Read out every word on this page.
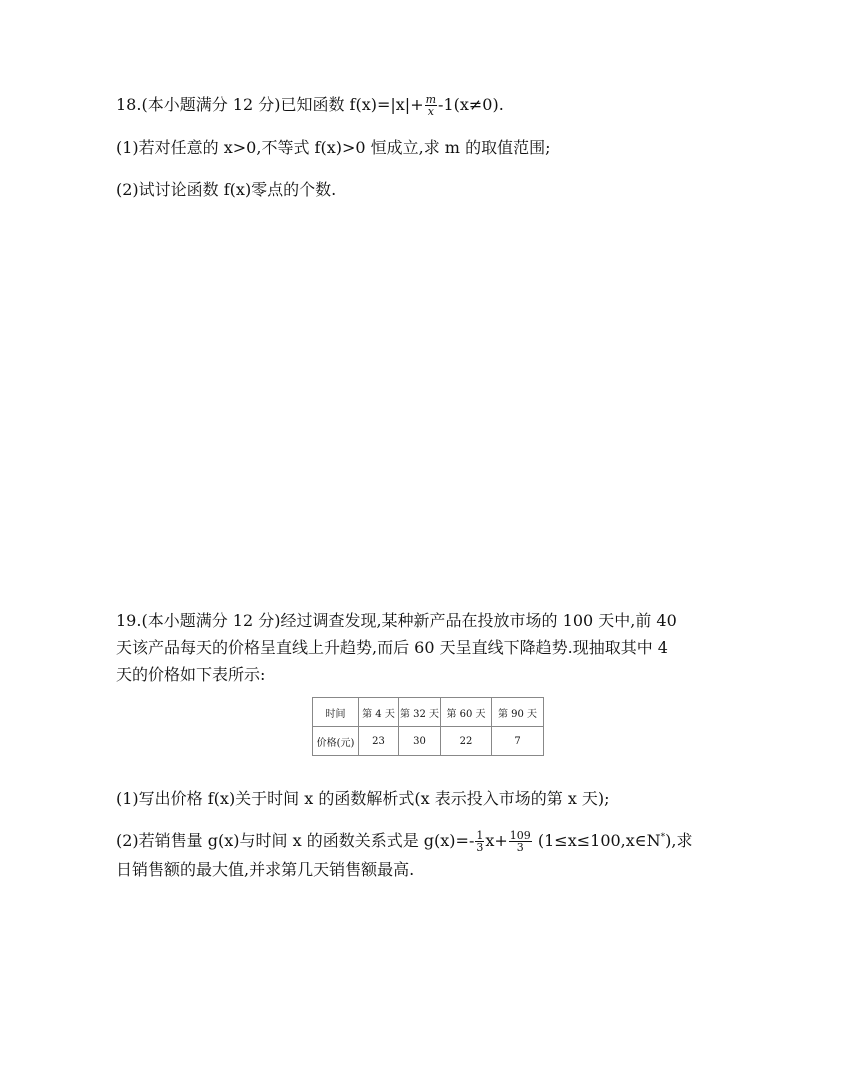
18.(本小题满分 12 分)已知函数 $f(x)=|x|+ \frac{m}{x} -1(x\ne 0)$.
(1)若对任意的 x>0,不等式 f(x)>0 恒成立,求 m 的取值范围;
(2)试讨论函数 f(x)零点的个数.
19.(本小题满分 12 分)经过调查发现,某种新产品在投放市场的 100 天中,前 40
天该产品每天的价格呈直线上升趋势,而后 60 天呈直线下降趋势.现抽取其中 4
天的价格如下表所示:
时间	第 4 天	第 32 天	第 60 天	第 90 天
价格(元)	23	30	22	7
(1)写出价格 f(x)关于时间 x 的函数解析式(x 表示投入市场的第 x 天);
(2)若销售量 g(x)与时间 x 的函数关系式是 $g(x)=- \frac{1}{3} x+ \frac{109}{3}$ (1≤x≤100,x∈N*),求
日销售额的最大值,并求第几天销售额最高.
